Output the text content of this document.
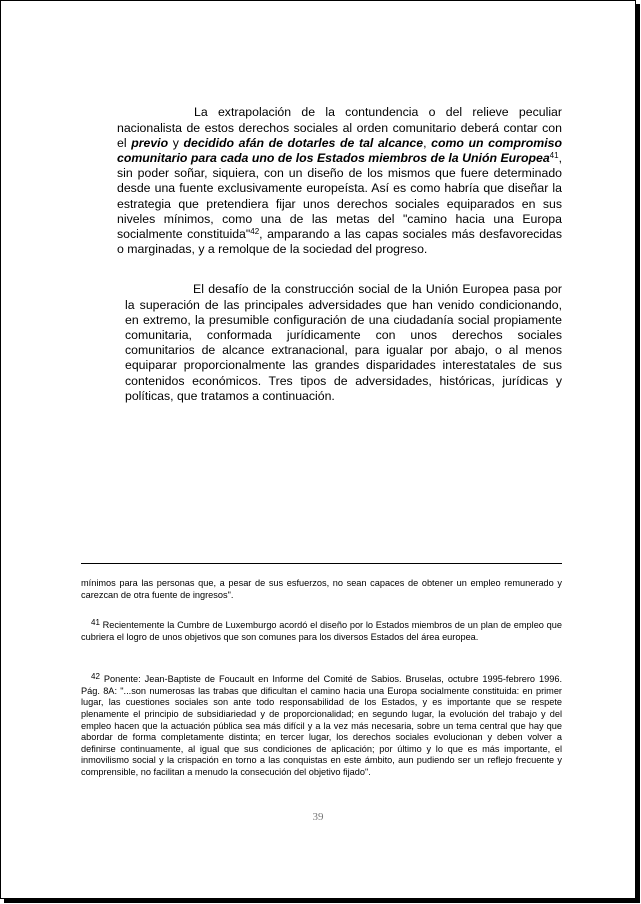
La extrapolación de la contundencia o del relieve peculiar nacionalista de estos derechos sociales al orden comunitario deberá contar con el previo y decidido afán de dotarles de tal alcance, como un compromiso comunitario para cada uno de los Estados miembros de la Unión Europea$^{41}$, sin poder soñar, siquiera, con un diseño de los mismos que fuere determinado desde una fuente exclusivamente europeísta. Así es como habría que diseñar la estrategia que pretendiera fijar unos derechos sociales equiparados en sus niveles mínimos, como una de las metas del "camino hacia una Europa socialmente constituida"$^{42}$, amparando a las capas sociales más desfavorecidas o marginadas, y a remolque de la sociedad del progreso.

El desafío de la construcción social de la Unión Europea pasa por la superación de las principales adversidades que han venido condicionando, en extremo, la presumible configuración de una ciudadanía social propiamente comunitaria, conformada jurídicamente con unos derechos sociales comunitarios de alcance extranacional, para igualar por abajo, o al menos equiparar proporcionalmente las grandes disparidades interestatales de sus contenidos económicos. Tres tipos de adversidades, históricas, jurídicas y políticas, que tratamos a continuación.

mínimos para las personas que, a pesar de sus esfuerzos, no sean capaces de obtener un empleo remunerado y carezcan de otra fuente de ingresos".

$^{41}$ Recientemente la Cumbre de Luxemburgo acordó el diseño por lo Estados miembros de un plan de empleo que cubriera el logro de unos objetivos que son comunes para los diversos Estados del área europea.

$^{42}$ Ponente: Jean-Baptiste de Foucault en Informe del Comité de Sabios. Bruselas, octubre 1995-febrero 1996. Pág. 8A: "...son numerosas las trabas que dificultan el camino hacia una Europa socialmente constituida: en primer lugar, las cuestiones sociales son ante todo responsabilidad de los Estados, y es importante que se respete plenamente el principio de subsidiariedad y de proporcionalidad; en segundo lugar, la evolución del trabajo y del empleo hacen que la actuación pública sea más difícil y a la vez más necesaria, sobre un tema central que hay que abordar de forma completamente distinta; en tercer lugar, los derechos sociales evolucionan y deben volver a definirse continuamente, al igual que sus condiciones de aplicación; por último y lo que es más importante, el inmovilismo social y la crispación en torno a las conquistas en este ámbito, aun pudiendo ser un reflejo frecuente y comprensible, no facilitan a menudo la consecución del objetivo fijado".

39
